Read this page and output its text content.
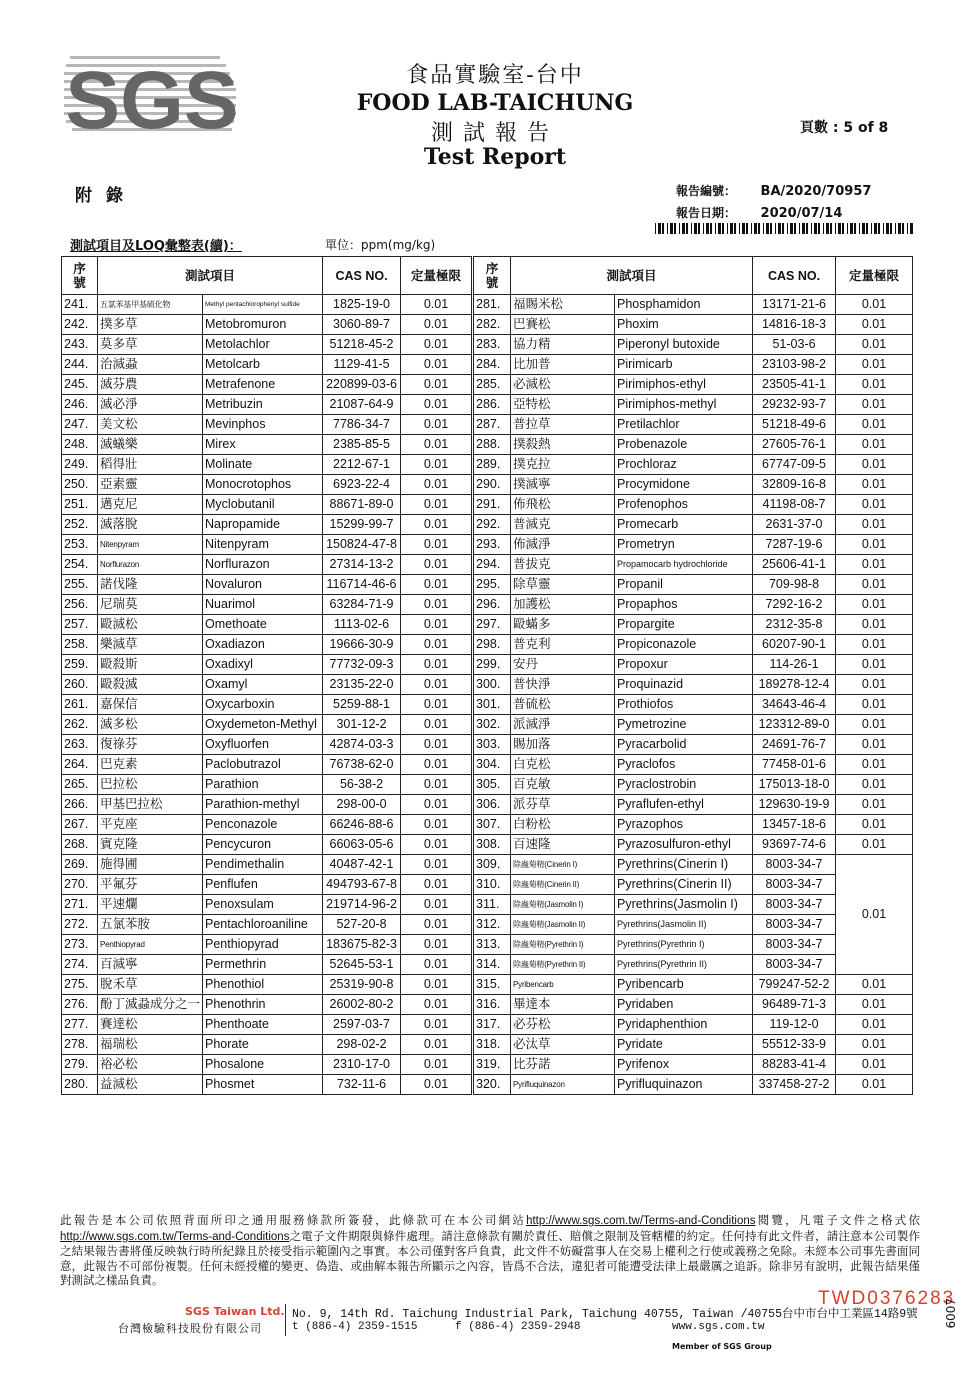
SGS	食品實驗室-台中
FOOD LAB-TAICHUNG
測試報告
Test Report
頁數 : 5 of 8
附錄	報告編號： BA/2020/70957
報告日期： 2020/07/14
測試項目及LOQ彙整表(續)：	單位：ppm(mg/kg)
序
號	測試項目		CAS NO.	定量極限	序
號	測試項目		CAS NO.	定量極限
241.	五氯苯基甲基硫化物	Methyl pentachlorophenyl sulfide	1825-19-0	0.01	281.	福賜米松	Phosphamidon	13171-21-6	0.01
242.	撲多草	Metobromuron	3060-89-7	0.01	282.	巴賽松	Phoxim	14816-18-3	0.01
243.	莫多草	Metolachlor	51218-45-2	0.01	283.	協力精	Piperonyl butoxide	51-03-6	0.01
244.	治滅蝨	Metolcarb	1129-41-5	0.01	284.	比加普	Pirimicarb	23103-98-2	0.01
245.	滅芬農	Metrafenone	220899-03-6	0.01	285.	必滅松	Pirimiphos-ethyl	23505-41-1	0.01
246.	滅必淨	Metribuzin	21087-64-9	0.01	286.	亞特松	Pirimiphos-methyl	29232-93-7	0.01
247.	美文松	Mevinphos	7786-34-7	0.01	287.	普拉草	Pretilachlor	51218-49-6	0.01
248.	滅蟻樂	Mirex	2385-85-5	0.01	288.	撲殺熱	Probenazole	27605-76-1	0.01
249.	稻得壯	Molinate	2212-67-1	0.01	289.	撲克拉	Prochloraz	67747-09-5	0.01
250.	亞素靈	Monocrotophos	6923-22-4	0.01	290.	撲滅寧	Procymidone	32809-16-8	0.01
251.	邁克尼	Myclobutanil	88671-89-0	0.01	291.	佈飛松	Profenophos	41198-08-7	0.01
252.	滅落脫	Napropamide	15299-99-7	0.01	292.	普滅克	Promecarb	2631-37-0	0.01
253.	Nitenpyram	Nitenpyram	150824-47-8	0.01	293.	佈滅淨	Prometryn	7287-19-6	0.01
254.	Norflurazon	Norflurazon	27314-13-2	0.01	294.	普拔克	Propamocarb hydrochloride	25606-41-1	0.01
255.	諾伐隆	Novaluron	116714-46-6	0.01	295.	除草靈	Propanil	709-98-8	0.01
256.	尼瑞莫	Nuarimol	63284-71-9	0.01	296.	加護松	Propaphos	7292-16-2	0.01
257.	毆滅松	Omethoate	1113-02-6	0.01	297.	毆蟎多	Propargite	2312-35-8	0.01
258.	樂滅草	Oxadiazon	19666-30-9	0.01	298.	普克利	Propiconazole	60207-90-1	0.01
259.	毆殺斯	Oxadixyl	77732-09-3	0.01	299.	安丹	Propoxur	114-26-1	0.01
260.	毆殺滅	Oxamyl	23135-22-0	0.01	300.	普快淨	Proquinazid	189278-12-4	0.01
261.	嘉保信	Oxycarboxin	5259-88-1	0.01	301.	普硫松	Prothiofos	34643-46-4	0.01
262.	滅多松	Oxydemeton-Methyl	301-12-2	0.01	302.	派滅淨	Pymetrozine	123312-89-0	0.01
263.	復祿芬	Oxyfluorfen	42874-03-3	0.01	303.	賜加落	Pyracarbolid	24691-76-7	0.01
264.	巴克素	Paclobutrazol	76738-62-0	0.01	304.	白克松	Pyraclofos	77458-01-6	0.01
265.	巴拉松	Parathion	56-38-2	0.01	305.	百克敏	Pyraclostrobin	175013-18-0	0.01
266.	甲基巴拉松	Parathion-methyl	298-00-0	0.01	306.	派芬草	Pyraflufen-ethyl	129630-19-9	0.01
267.	平克座	Penconazole	66246-88-6	0.01	307.	白粉松	Pyrazophos	13457-18-6	0.01
268.	賓克隆	Pencycuron	66063-05-6	0.01	308.	百速隆	Pyrazosulfuron-ethyl	93697-74-6	0.01
269.	施得圃	Pendimethalin	40487-42-1	0.01	309.	除蟲菊精(Cinerin I)	Pyrethrins(Cinerin I)	8003-34-7	0.01
270.	平氟芬	Penflufen	494793-67-8	0.01	310.	除蟲菊精(Cinerin II)	Pyrethrins(Cinerin II)	8003-34-7	
271.	平速爛	Penoxsulam	219714-96-2	0.01	311.	除蟲菊精(Jasmolin I)	Pyrethrins(Jasmolin I)	8003-34-7	
272.	五氯苯胺	Pentachloroaniline	527-20-8	0.01	312.	除蟲菊精(Jasmolin II)	Pyrethrins(Jasmolin II)	8003-34-7	
273.	Penthiopyrad	Penthiopyrad	183675-82-3	0.01	313.	除蟲菊精(Pyrethrin I)	Pyrethrins(Pyrethrin I)	8003-34-7	
274.	百滅寧	Permethrin	52645-53-1	0.01	314.	除蟲菊精(Pyrethrin II)	Pyrethrins(Pyrethrin II)	8003-34-7	
275.	脫禾草	Phenothiol	25319-90-8	0.01	315.	Pyribencarb	Pyribencarb	799247-52-2	0.01
276.	酚丁滅蝨成分之一	Phenothrin	26002-80-2	0.01	316.	畢達本	Pyridaben	96489-71-3	0.01
277.	賽達松	Phenthoate	2597-03-7	0.01	317.	必芬松	Pyridaphenthion	119-12-0	0.01
278.	福瑞松	Phorate	298-02-2	0.01	318.	必汰草	Pyridate	55512-33-9	0.01
279.	裕必松	Phosalone	2310-17-0	0.01	319.	比芬諾	Pyrifenox	88283-41-4	0.01
280.	益滅松	Phosmet	732-11-6	0.01	320.	Pyrifluquinazon	Pyrifluquinazon	337458-27-2	0.01
此報告是本公司依照背面所印之通用服務條款所簽發，此條款可在本公司網站http://www.sgs.com.tw/Terms-and-Conditions閱覽，凡電子文件之格式依http://www.sgs.com.tw/Terms-and-Conditions之電子文件期限與條件處理。請注意條款有關於責任、賠償之限制及管轄權的約定。任何持有此文件者，請注意本公司製作之結果報告書將僅反映執行時所紀錄且於接受指示範圍內之事實。本公司僅對客戶負責，此文件不妨礙當事人在交易上權利之行使或義務之免除。未經本公司事先書面同意，此報告不可部份複製。任何未經授權的變更、偽造、或曲解本報告所顯示之內容，皆爲不合法，違犯者可能遭受法律上最嚴厲之追訴。除非另有說明，此報告結果僅對測試之樣品負責。
TWD0376283
6007
SGS Taiwan Ltd.
台灣檢驗科技股份有限公司
No. 9, 14th Rd. Taichung Industrial Park, Taichung 40755, Taiwan /40755台中市台中工業區14路9號
t (886-4) 2359-1515	f (886-4) 2359-2948	www.sgs.com.tw
Member of SGS Group
